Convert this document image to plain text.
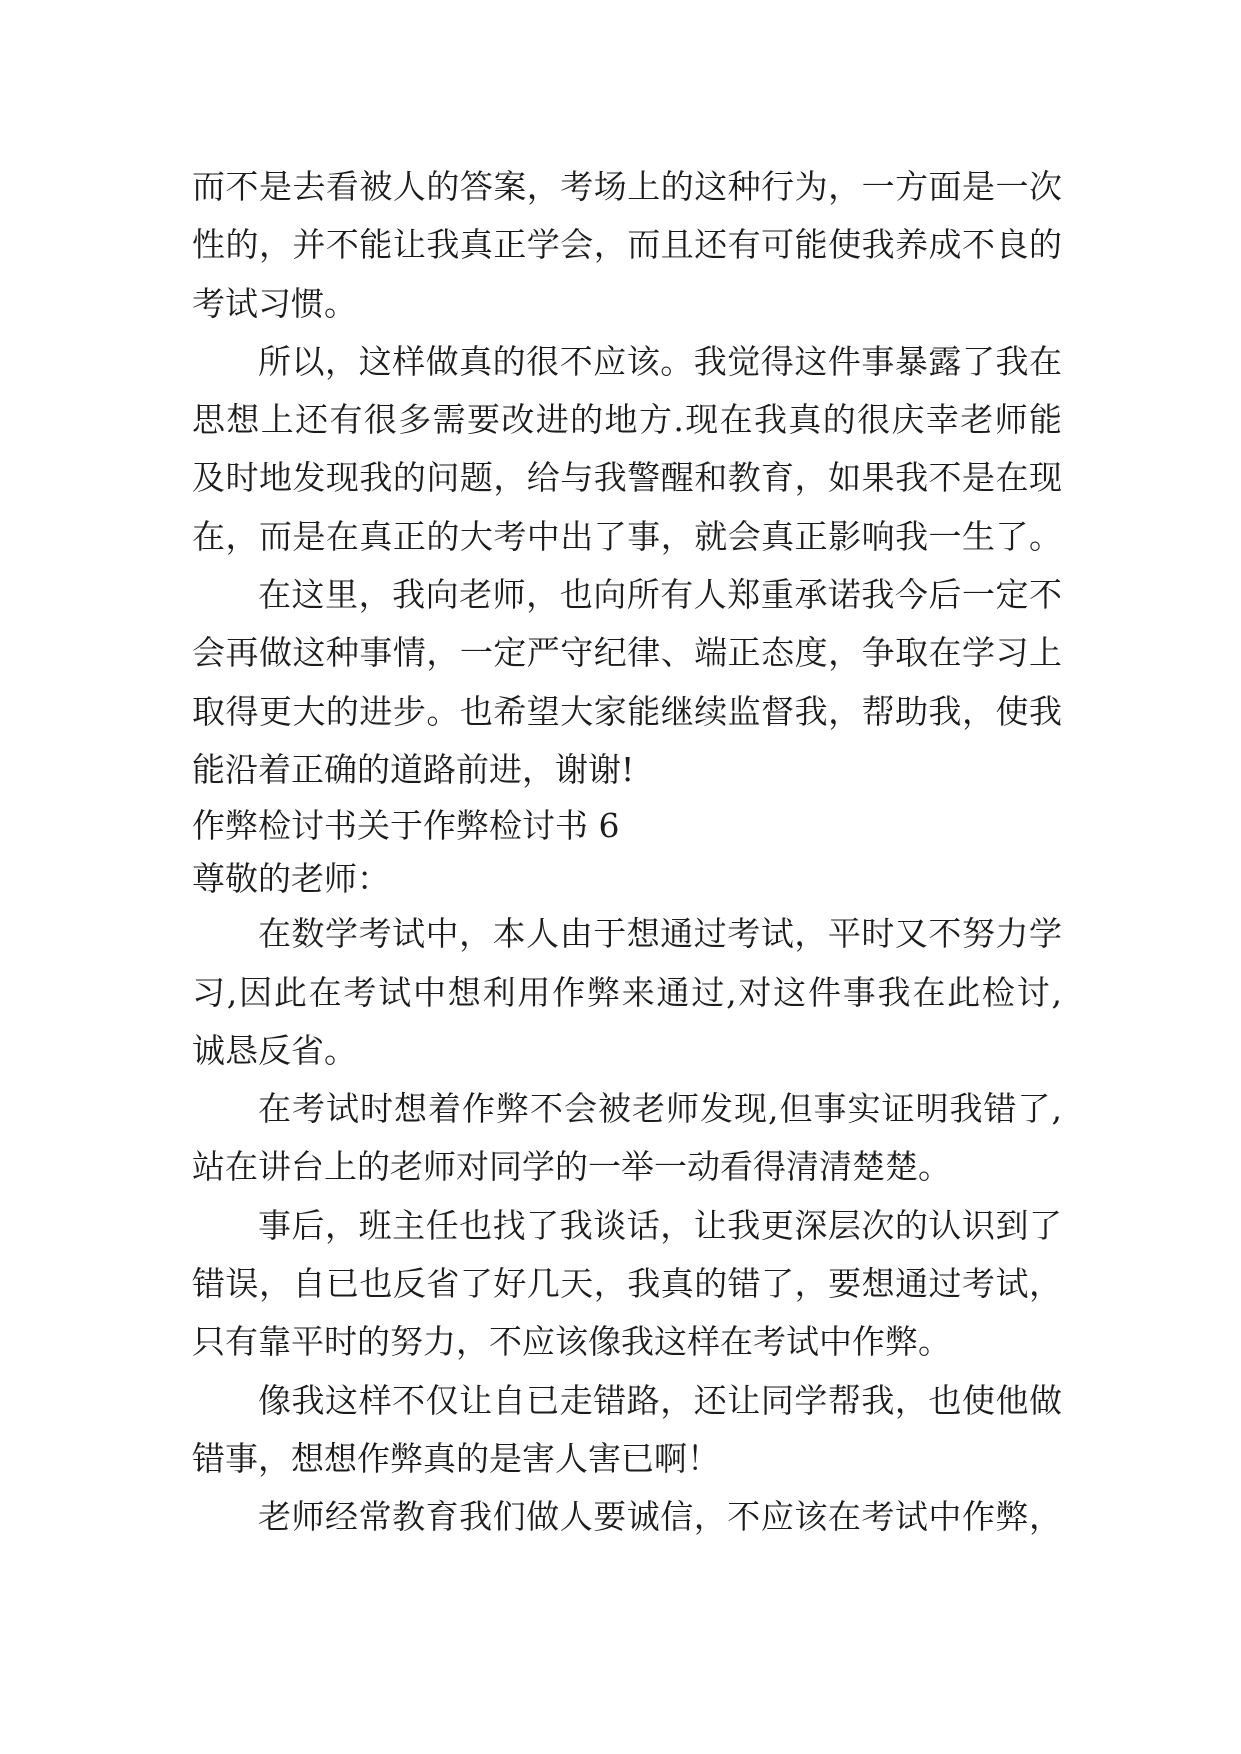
而不是去看被人的答案，考场上的这种行为，一方面是一次
性的，并不能让我真正学会，而且还有可能使我养成不良的
考试习惯。
所以，这样做真的很不应该。我觉得这件事暴露了我在
思想上还有很多需要改进的地方.现在我真的很庆幸老师能
及时地发现我的问题，给与我警醒和教育，如果我不是在现
在，而是在真正的大考中出了事，就会真正影响我一生了。
在这里，我向老师，也向所有人郑重承诺我今后一定不
会再做这种事情，一定严守纪律、端正态度，争取在学习上
取得更大的进步。也希望大家能继续监督我，帮助我，使我
能沿着正确的道路前进，谢谢!
作弊检讨书关于作弊检讨书 6
尊敬的老师：
在数学考试中，本人由于想通过考试，平时又不努力学
习,因此在考试中想利用作弊来通过,对这件事我在此检讨,
诚恳反省。
在考试时想着作弊不会被老师发现,但事实证明我错了,
站在讲台上的老师对同学的一举一动看得清清楚楚。
事后，班主任也找了我谈话，让我更深层次的认识到了
错误，自已也反省了好几天，我真的错了，要想通过考试，
只有靠平时的努力，不应该像我这样在考试中作弊。
像我这样不仅让自已走错路，还让同学帮我，也使他做
错事，想想作弊真的是害人害已啊！
老师经常教育我们做人要诚信，不应该在考试中作弊，
